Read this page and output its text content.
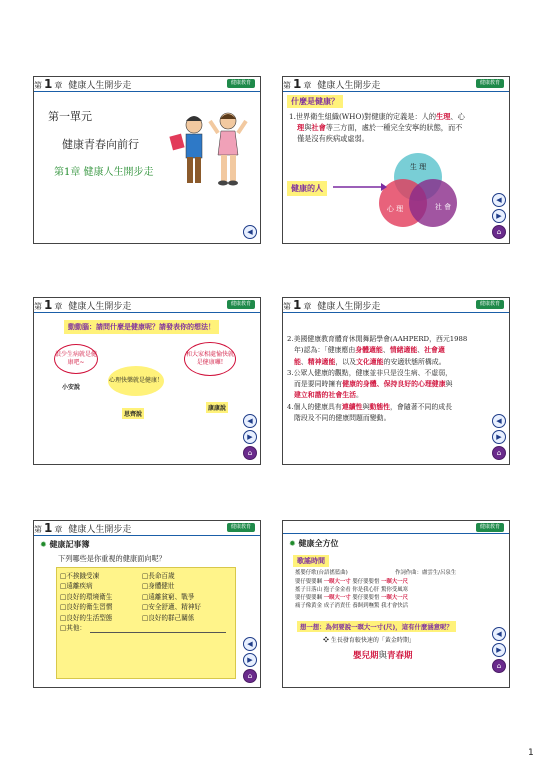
第 1 章 健康人生開步走	健康教育
第一單元
健康青春向前行
第1章 健康人生開步走
◀
第 1 章 健康人生開步走	健康教育
什麼是健康？
1.世界衛生組織(WHO)對健康的定義是：人的生理、心
理與社會等三方面，處於一種完全安寧的狀態，而不
僅是沒有疾病或虛弱。
生 理
心 理	社 會
健康的人
◀
▶
⌂
第 1 章 健康人生開步走	健康教育
動動腦：請問什麼是健康呢？請發表你的想法！
很少生病就是健康吧~
小安說
心理快樂就是健康！
思齊說
和大家相處愉快就是健康囉!
康康說
◀
▶
⌂
第 1 章 健康人生開步走	健康教育
2.美國健康教育體育休閒舞蹈學會(AAHPERD，西元1988
年)認為：「健康應由身體適能、情緒適能、社會適
能、精神適能，以及文化適能的安適狀態所構成。
3.公眾人健康的觀點，健康並非只是沒生病、不虛弱，
而是要同時擁有健康的身體、保持良好的心理健康與
建立和諧的社會生活。
4.個人的健康具有連續性與動態性，會隨著不同的成長
階段及不同的健康問題而變動。	◀
▶
⌂
第 1 章 健康人生開步走	健康教育
✹ 健康記事簿
下列哪些是你重視的健康面向呢？
□不挨餓受凍
□遠離疾病
□良好的環境衛生
□良好的衛生習慣
□良好的生活型態
□其他：
□長命百歲
□身體健壯
□遠離貧窮、戰爭
□安全舒適、精神好
□良好的群己關係
◀
▶
⌂
健康教育
✹ 健康全方位
歌謠時間
搖嬰仔歌(台語搖籃曲)	作詞作曲：盧雲生/呂泉生
嬰仔嬰嬰睏 一暝大一寸 嬰仔嬰嬰惜 一暝大一尺
搖子日落山 抱子金金看 你是我心肝 驚你受風寒
嬰仔嬰嬰睏 一暝大一寸 嬰仔嬰嬰惜 一暝大一尺
痛子像黃金 成子消責任 養飼到嘸驚 我才會快活
想一想：為何要說一暝大一寸(尺)，這有什麼涵意呢？
❖ 生長發育較快速的「黃金時期」
嬰兒期與青春期
◀
▶
⌂
1
